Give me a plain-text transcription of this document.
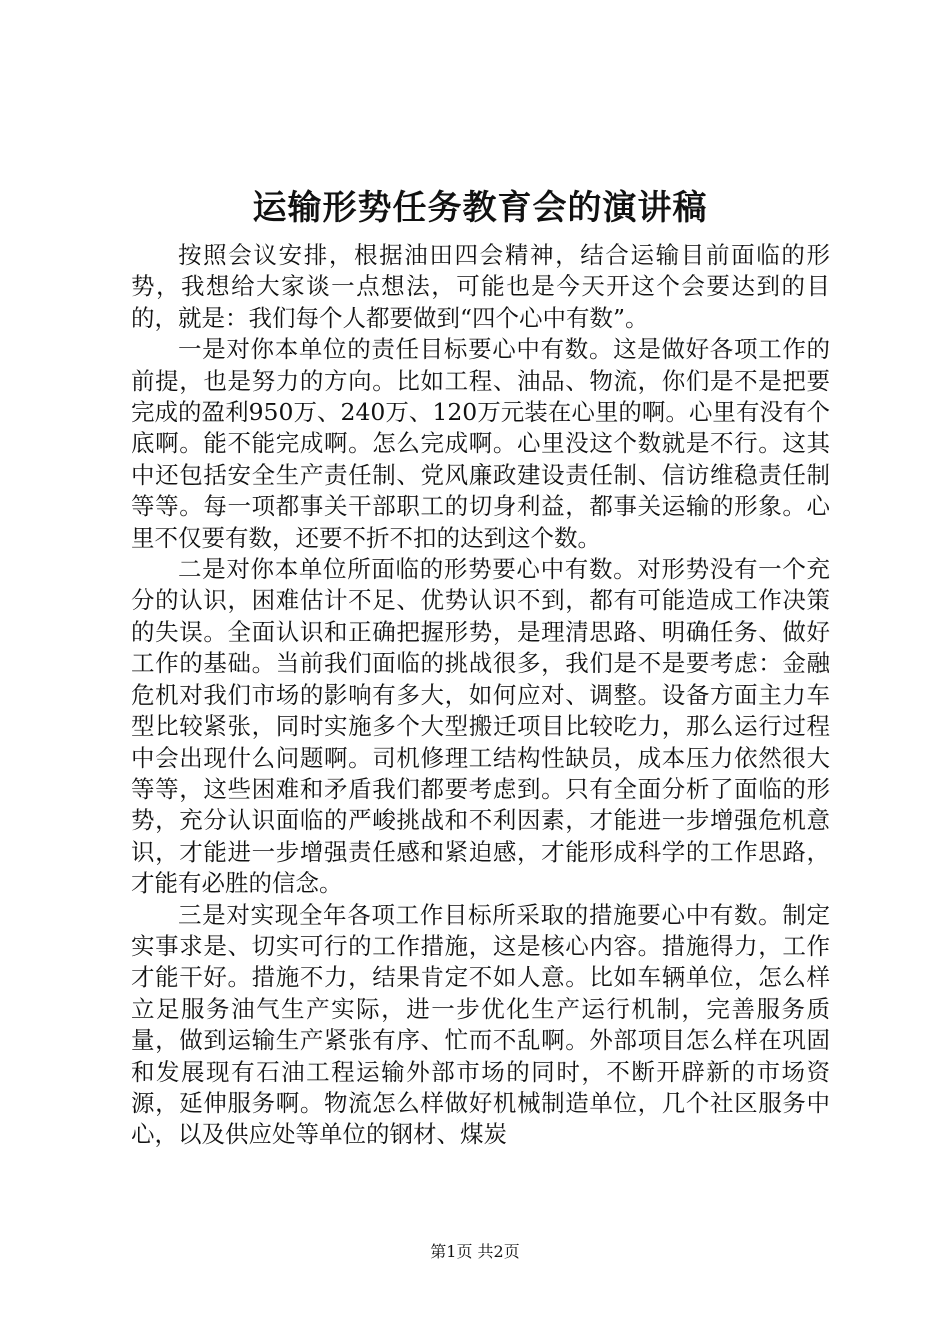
运输形势任务教育会的演讲稿

按照会议安排，根据油田四会精神，结合运输目前面临的形势，我想给大家谈一点想法，可能也是今天开这个会要达到的目的，就是：我们每个人都要做到“四个心中有数”。

一是对你本单位的责任目标要心中有数。这是做好各项工作的前提，也是努力的方向。比如工程、油品、物流，你们是不是把要完成的盈利950万、240万、120万元装在心里的啊。心里有没有个底啊。能不能完成啊。怎么完成啊。心里没这个数就是不行。这其中还包括安全生产责任制、党风廉政建设责任制、信访维稳责任制等等。每一项都事关干部职工的切身利益，都事关运输的形象。心里不仅要有数，还要不折不扣的达到这个数。

二是对你本单位所面临的形势要心中有数。对形势没有一个充分的认识，困难估计不足、优势认识不到，都有可能造成工作决策的失误。全面认识和正确把握形势，是理清思路、明确任务、做好工作的基础。当前我们面临的挑战很多，我们是不是要考虑：金融危机对我们市场的影响有多大，如何应对、调整。设备方面主力车型比较紧张，同时实施多个大型搬迁项目比较吃力，那么运行过程中会出现什么问题啊。司机修理工结构性缺员，成本压力依然很大等等，这些困难和矛盾我们都要考虑到。只有全面分析了面临的形势，充分认识面临的严峻挑战和不利因素，才能进一步增强危机意识，才能进一步增强责任感和紧迫感，才能形成科学的工作思路，才能有必胜的信念。

三是对实现全年各项工作目标所采取的措施要心中有数。制定实事求是、切实可行的工作措施，这是核心内容。措施得力，工作才能干好。措施不力，结果肯定不如人意。比如车辆单位，怎么样立足服务油气生产实际，进一步优化生产运行机制，完善服务质量，做到运输生产紧张有序、忙而不乱啊。外部项目怎么样在巩固和发展现有石油工程运输外部市场的同时，不断开辟新的市场资源，延伸服务啊。物流怎么样做好机械制造单位，几个社区服务中心，以及供应处等单位的钢材、煤炭

第1页 共2页
